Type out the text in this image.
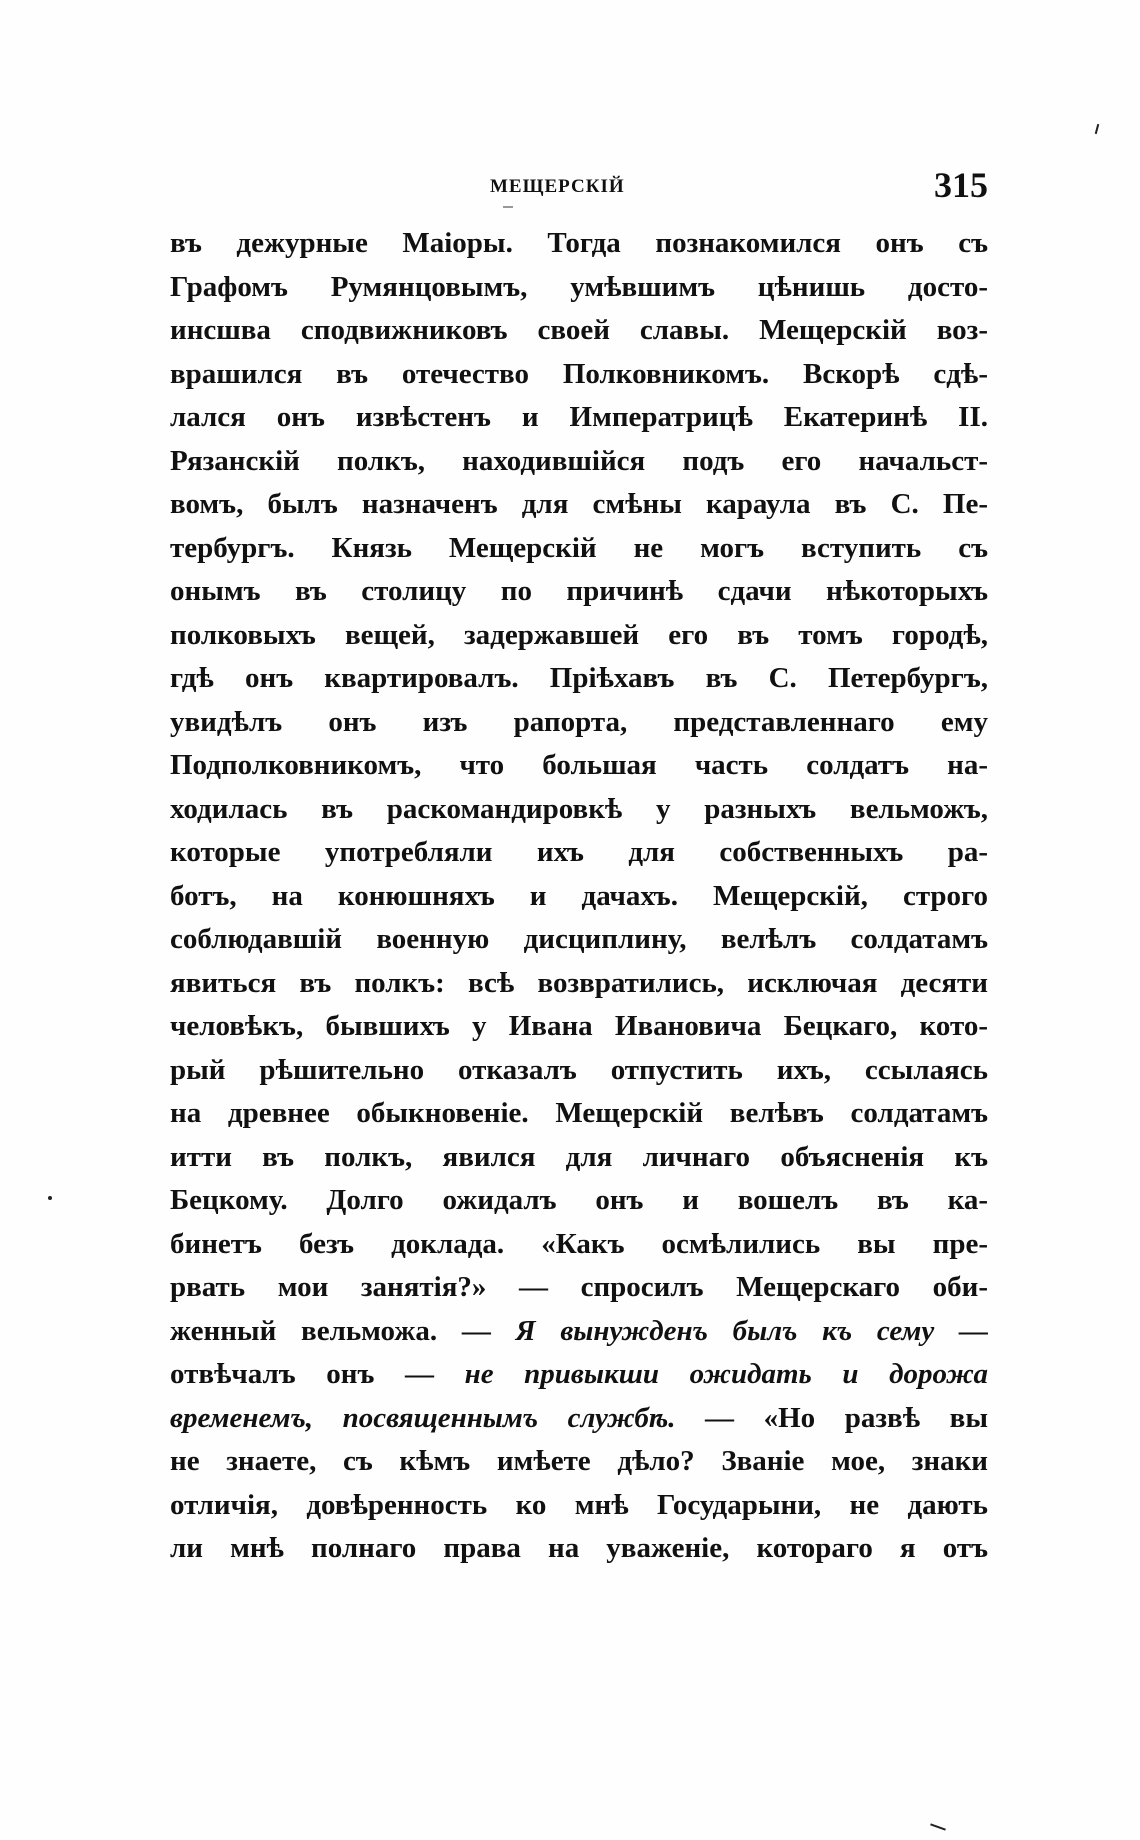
мещерскій	315
въ дежурные Маіоры. Тогда познакомился онъ съ
Графомъ Румянцовымъ, умѣвшимъ цѣнишь досто-
инсшва сподвижниковъ своей славы. Мещерскій воз-
врашился въ отечество Полковникомъ. Вскорѣ сдѣ-
лался онъ извѣстенъ и Императрицѣ Екатеринѣ II.
Рязанскій полкъ, находившійся подъ его начальст-
вомъ, былъ назначенъ для смѣны караула въ С. Пе-
тербургъ. Князь Мещерскій не могъ вступить съ
онымъ въ столицу по причинѣ сдачи нѣкоторыхъ
полковыхъ вещей, задержавшей его въ томъ городѣ,
гдѣ онъ квартировалъ. Пріѣхавъ въ С. Петербургъ,
увидѣлъ онъ изъ рапорта, представленнаго ему
Подполковникомъ, что большая часть солдатъ на-
ходилась въ раскомандировкѣ у разныхъ вельможъ,
которые употребляли ихъ для собственныхъ ра-
ботъ, на конюшняхъ и дачахъ. Мещерскій, строго
соблюдавшій военную дисциплину, велѣлъ солдатамъ
явиться въ полкъ: всѣ возвратились, исключая десяти
человѣкъ, бывшихъ у Ивана Ивановича Бецкаго, кото-
рый рѣшительно отказалъ отпустить ихъ, ссылаясь
на древнее обыкновеніе. Мещерскій велѣвъ солдатамъ
итти въ полкъ, явился для личнаго объясненія къ
Бецкому. Долго ожидалъ онъ и вошелъ въ ка-
бинетъ безъ доклада. «Какъ осмѣлились вы пре-
рвать мои занятія?» — спросилъ Мещерскаго оби-
женный вельможа. — Я вынужденъ былъ къ сему —
отвѣчалъ онъ — не привыкши ожидать и дорожа
временемъ, посвященнымъ службѣ. — «Но развѣ вы
не знаете, съ кѣмъ имѣете дѣло? Званіе мое, знаки
отличія, довѣренность ко мнѣ Государыни, не дають
ли мнѣ полнаго права на уваженіе, котораго я отъ
